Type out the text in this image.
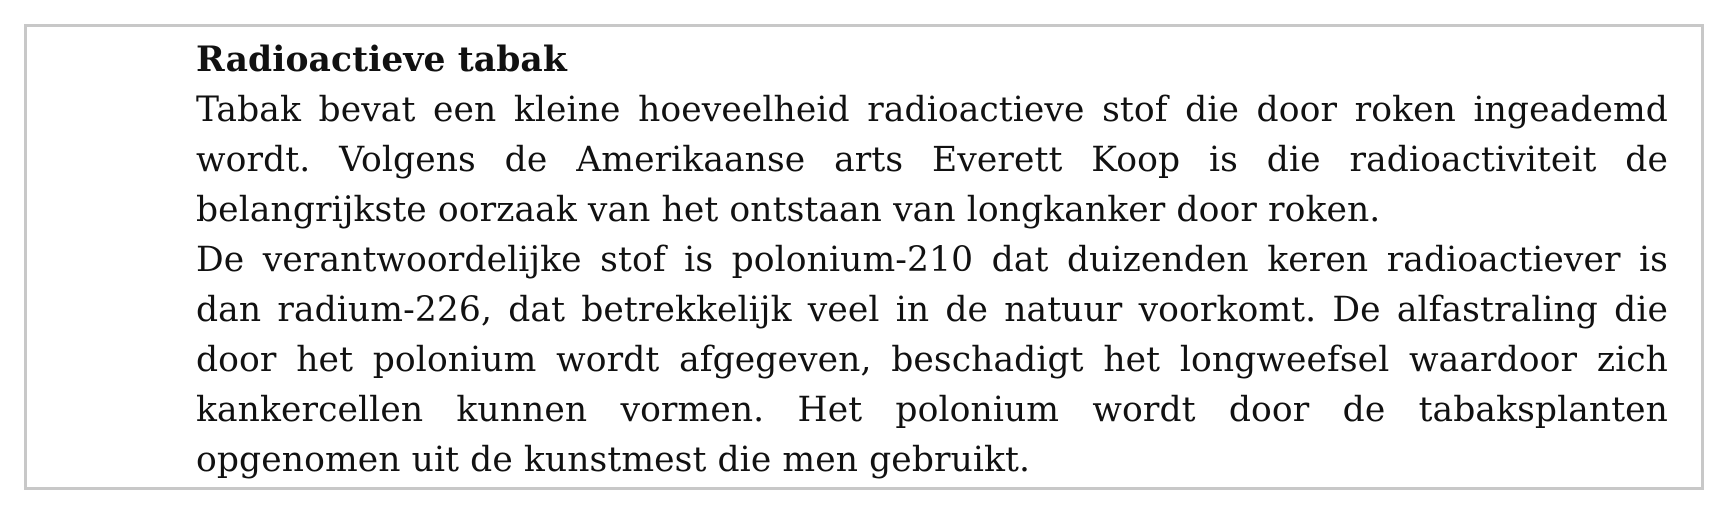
Radioactieve tabak

Tabak bevat een kleine hoeveelheid radioactieve stof die door roken ingeademd wordt. Volgens de Amerikaanse arts Everett Koop is die radioactiviteit de belangrijkste oorzaak van het ontstaan van longkanker door roken.

De verantwoordelijke stof is polonium-210 dat duizenden keren radioactiever is dan radium-226, dat betrekkelijk veel in de natuur voorkomt. De alfastraling die door het polonium wordt afgegeven, beschadigt het longweefsel waardoor zich kankercellen kunnen vormen. Het polonium wordt door de tabaksplanten opgenomen uit de kunstmest die men gebruikt.
